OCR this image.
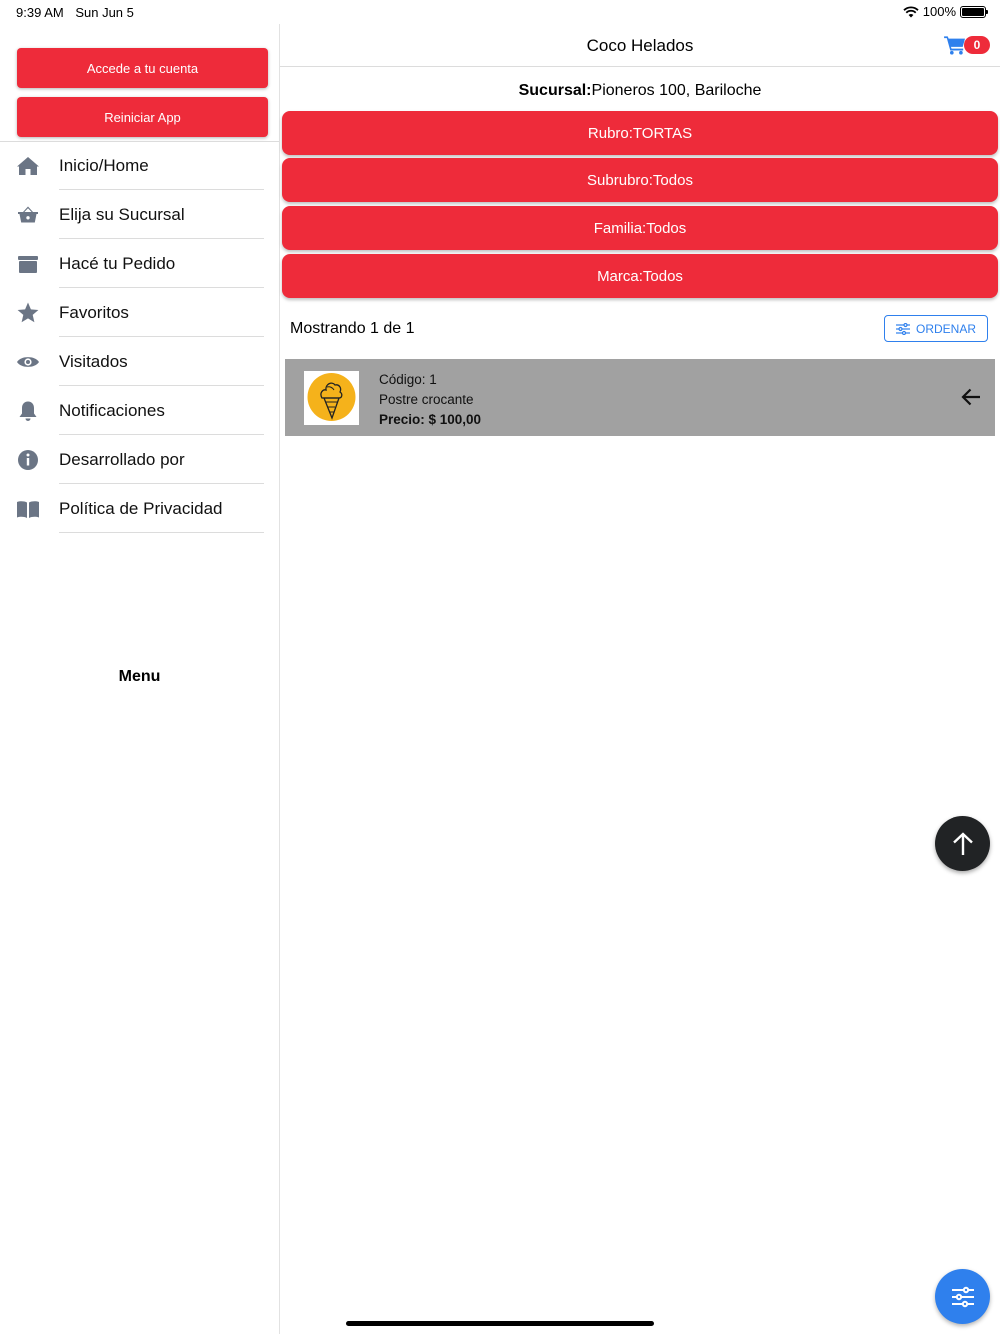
9:39 AM Sun Jun 5	100%
Accede a tu cuenta
Reiniciar App
Inicio/Home
Elija su Sucursal
Hacé tu Pedido
Favoritos
Visitados
Notificaciones
Desarrollado por
Política de Privacidad
Menu
Coco Helados	0
Sucursal:Pioneros 100, Bariloche
Rubro:TORTAS
Subrubro:Todos
Familia:Todos
Marca:Todos
Mostrando 1 de 1	ORDENAR
Código: 1
Postre crocante
Precio: $ 100,00
